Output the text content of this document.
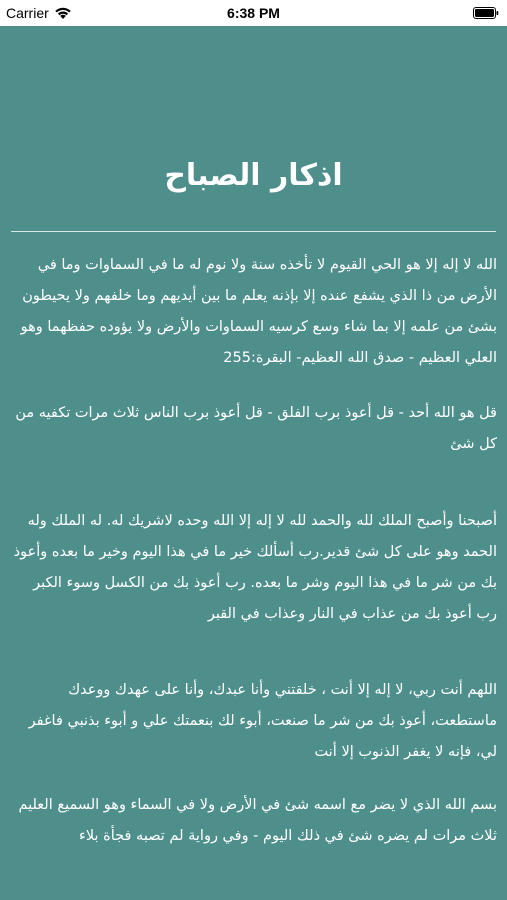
Carrier	6:38 PM
اذكار الصباح
الله لا إله إلا هو الحي القيوم لا تأخذه سنة ولا نوم له ما في السماوات وما في الأرض من ذا الذي يشفع عنده إلا بإذنه يعلم ما بين أيديهم وما خلفهم ولا يحيطون بشئ من علمه إلا بما شاء وسع كرسيه السماوات والأرض ولا يؤوده حفظهما وهو العلي العظيم - صدق الله العظيم- البقرة:255
قل هو الله أحد - قل أعوذ برب الفلق - قل أعوذ برب الناس ثلاث مرات تكفيه من كل شئ
أصبحنا وأصبح الملك لله والحمد لله لا إله إلا الله وحده لاشريك له. له الملك وله الحمد وهو على كل شئ قدير.رب أسألك خير ما في هذا اليوم وخير ما بعده وأعوذ بك من شر ما في هذا اليوم وشر ما بعده. رب أعوذ بك من الكسل وسوء الكبر رب أعوذ بك من عذاب في النار وعذاب في القبر
اللهم أنت ربي، لا إله إلا أنت ، خلقتني وأنا عبدك، وأنا على عهدك ووعدك ماستطعت، أعوذ بك من شر ما صنعت، أبوء لك بنعمتك علي و أبوء بذنبي فاغفر لي، فإنه لا يغفر الذنوب إلا أنت
بسم الله الذي لا يضر مع اسمه شئ في الأرض ولا في السماء وهو السميع العليم ثلاث مرات لم يضره شئ في ذلك اليوم - وفي رواية لم تصبه فجأة بلاء
